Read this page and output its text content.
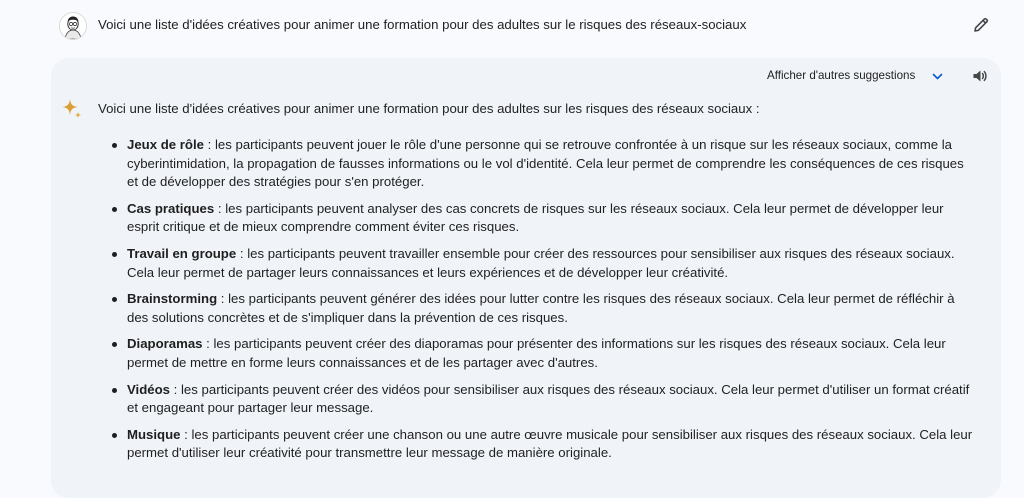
Voici une liste d'idées créatives pour animer une formation pour des adultes sur le risques des réseaux-sociaux
Afficher d'autres suggestions
Voici une liste d'idées créatives pour animer une formation pour des adultes sur les risques des réseaux sociaux :
Jeux de rôle : les participants peuvent jouer le rôle d'une personne qui se retrouve confrontée à un risque sur les réseaux sociaux, comme la cyberintimidation, la propagation de fausses informations ou le vol d'identité. Cela leur permet de comprendre les conséquences de ces risques et de développer des stratégies pour s'en protéger.
Cas pratiques : les participants peuvent analyser des cas concrets de risques sur les réseaux sociaux. Cela leur permet de développer leur esprit critique et de mieux comprendre comment éviter ces risques.
Travail en groupe : les participants peuvent travailler ensemble pour créer des ressources pour sensibiliser aux risques des réseaux sociaux. Cela leur permet de partager leurs connaissances et leurs expériences et de développer leur créativité.
Brainstorming : les participants peuvent générer des idées pour lutter contre les risques des réseaux sociaux. Cela leur permet de réfléchir à des solutions concrètes et de s'impliquer dans la prévention de ces risques.
Diaporamas : les participants peuvent créer des diaporamas pour présenter des informations sur les risques des réseaux sociaux. Cela leur permet de mettre en forme leurs connaissances et de les partager avec d'autres.
Vidéos : les participants peuvent créer des vidéos pour sensibiliser aux risques des réseaux sociaux. Cela leur permet d'utiliser un format créatif et engageant pour partager leur message.
Musique : les participants peuvent créer une chanson ou une autre œuvre musicale pour sensibiliser aux risques des réseaux sociaux. Cela leur permet d'utiliser leur créativité pour transmettre leur message de manière originale.
